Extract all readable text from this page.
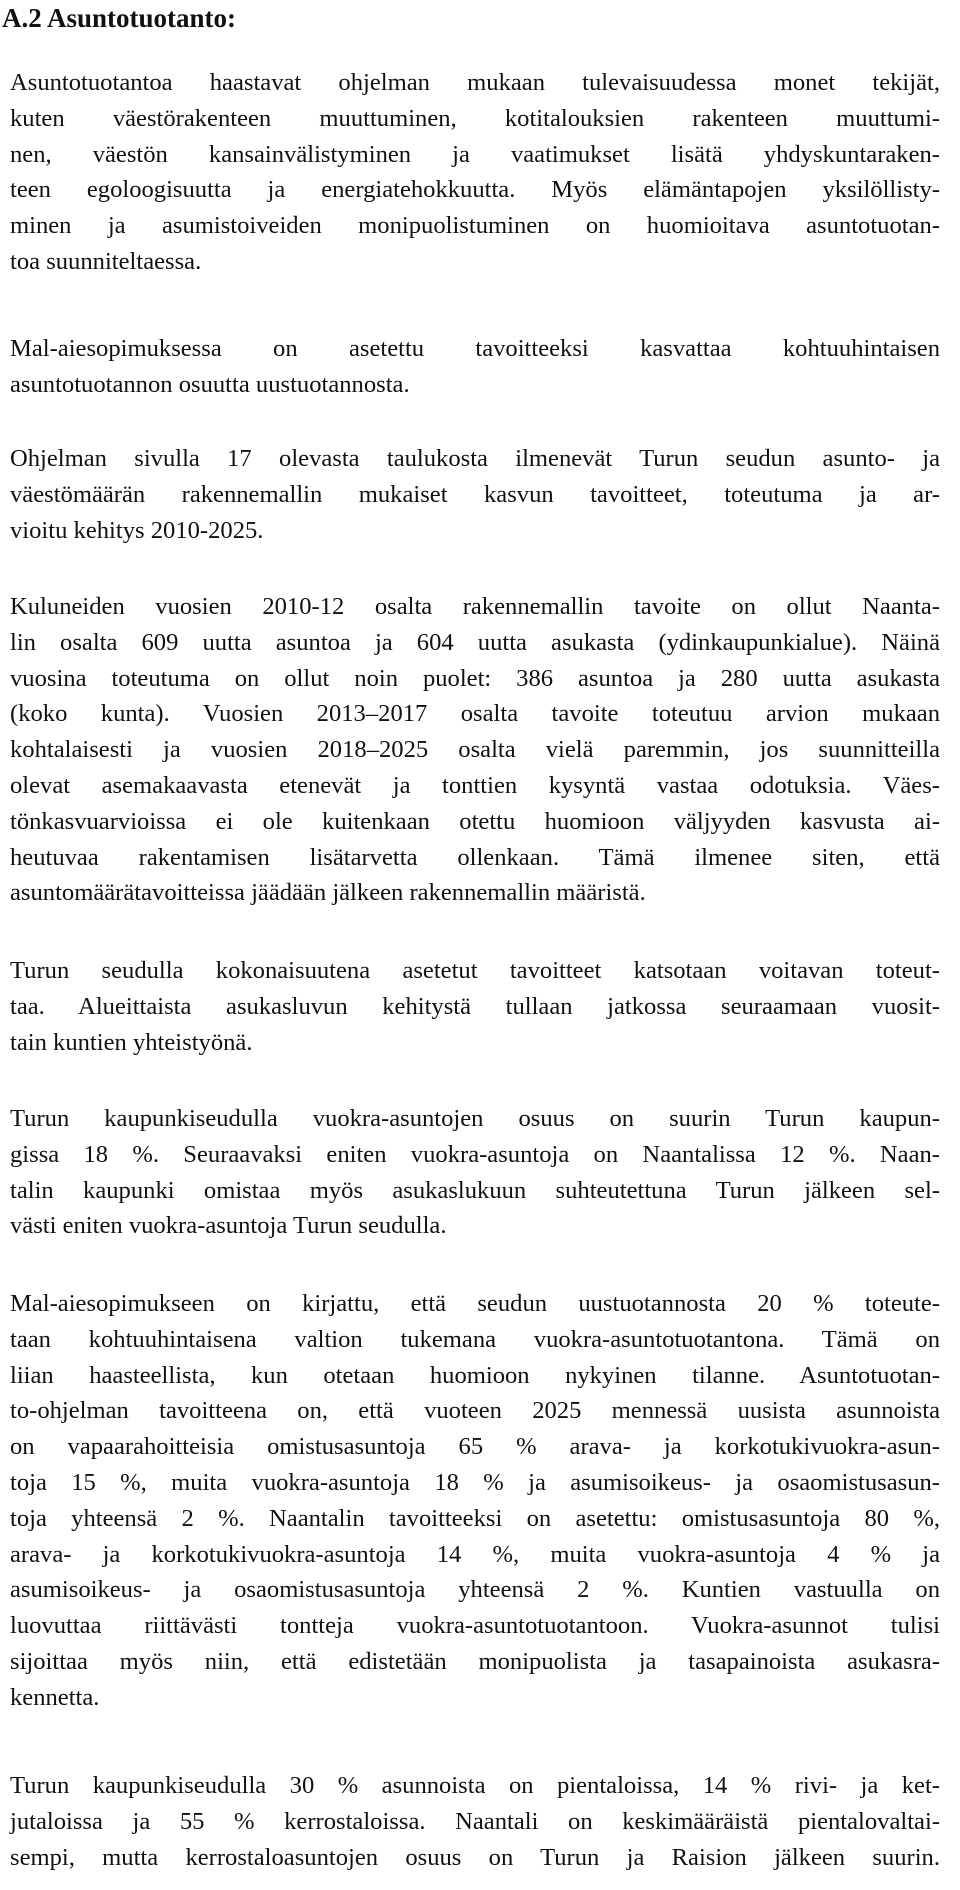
A.2 Asuntotuotanto:

Asuntotuotantoa haastavat ohjelman mukaan tulevaisuudessa monet tekijät,
kuten väestörakenteen muuttuminen, kotitalouksien rakenteen muuttumi-
nen, väestön kansainvälistyminen ja vaatimukset lisätä yhdyskuntaraken-
teen egoloogisuutta ja energiatehokkuutta. Myös elämäntapojen yksilöllisty-
minen ja asumistoiveiden monipuolistuminen on huomioitava asuntotuotan-
toa suunniteltaessa.

Mal-aiesopimuksessa on asetettu tavoitteeksi kasvattaa kohtuuhintaisen
asuntotuotannon osuutta uustuotannosta.

Ohjelman sivulla 17 olevasta taulukosta ilmenevät Turun seudun asunto- ja
väestömäärän rakennemallin mukaiset kasvun tavoitteet, toteutuma ja ar-
vioitu kehitys 2010-2025.

Kuluneiden vuosien 2010-12 osalta rakennemallin tavoite on ollut Naanta-
lin osalta 609 uutta asuntoa ja 604 uutta asukasta (ydinkaupunkialue). Näinä
vuosina toteutuma on ollut noin puolet: 386 asuntoa ja 280 uutta asukasta
(koko kunta). Vuosien 2013–2017 osalta tavoite toteutuu arvion mukaan
kohtalaisesti ja vuosien 2018–2025 osalta vielä paremmin, jos suunnitteilla
olevat asemakaavasta etenevät ja tonttien kysyntä vastaa odotuksia. Väes-
tönkasvuarvioissa ei ole kuitenkaan otettu huomioon väljyyden kasvusta ai-
heutuvaa rakentamisen lisätarvetta ollenkaan. Tämä ilmenee siten, että
asuntomäärätavoitteissa jäädään jälkeen rakennemallin määristä.

Turun seudulla kokonaisuutena asetetut tavoitteet katsotaan voitavan toteut-
taa. Alueittaista asukasluvun kehitystä tullaan jatkossa seuraamaan vuosit-
tain kuntien yhteistyönä.

Turun kaupunkiseudulla vuokra-asuntojen osuus on suurin Turun kaupun-
gissa 18 %. Seuraavaksi eniten vuokra-asuntoja on Naantalissa 12 %. Naan-
talin kaupunki omistaa myös asukaslukuun suhteutettuna Turun jälkeen sel-
västi eniten vuokra-asuntoja Turun seudulla.

Mal-aiesopimukseen on kirjattu, että seudun uustuotannosta 20 % toteute-
taan kohtuuhintaisena valtion tukemana vuokra-asuntotuotantona. Tämä on
liian haasteellista, kun otetaan huomioon nykyinen tilanne. Asuntotuotan-
to-ohjelman tavoitteena on, että vuoteen 2025 mennessä uusista asunnoista
on vapaarahoitteisia omistusasuntoja 65 % arava- ja korkotukivuokra-asun-
toja 15 %, muita vuokra-asuntoja 18 % ja asumisoikeus- ja osaomistusasun-
toja yhteensä 2 %. Naantalin tavoitteeksi on asetettu: omistusasuntoja 80 %,
arava- ja korkotukivuokra-asuntoja 14 %, muita vuokra-asuntoja 4 % ja
asumisoikeus- ja osaomistusasuntoja yhteensä 2 %. Kuntien vastuulla on
luovuttaa riittävästi tontteja vuokra-asuntotuotantoon. Vuokra-asunnot tulisi
sijoittaa myös niin, että edistetään monipuolista ja tasapainoista asukasra-
kennetta.

Turun kaupunkiseudulla 30 % asunnoista on pientaloissa, 14 % rivi- ja ket-
jutaloissa ja 55 % kerrostaloissa. Naantali on keskimääräistä pientalovaltai-
sempi, mutta kerrostaloasuntojen osuus on Turun ja Raision jälkeen suurin.
